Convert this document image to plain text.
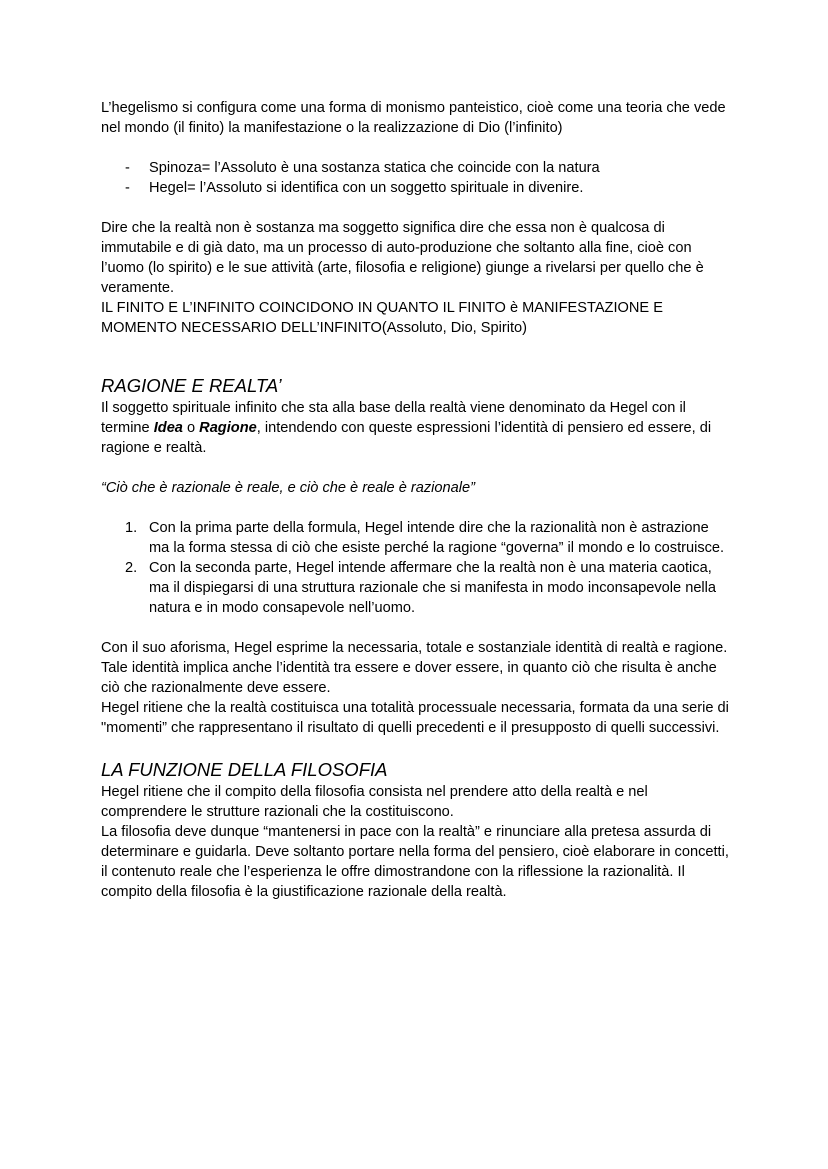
L’hegelismo si configura come una forma di monismo panteistico, cioè come una teoria che vede nel mondo (il finito) la manifestazione o la realizzazione di Dio (l’infinito)

- Spinoza= l’Assoluto è una sostanza statica che coincide con la natura
- Hegel= l’Assoluto si identifica con un soggetto spirituale in divenire.

Dire che la realtà non è sostanza ma soggetto significa dire che essa non è qualcosa di immutabile e di già dato, ma un processo di auto-produzione che soltanto alla fine, cioè con l’uomo (lo spirito) e le sue attività (arte, filosofia e religione) giunge a rivelarsi per quello che è veramente.

IL FINITO E L’INFINITO COINCIDONO IN QUANTO IL FINITO è MANIFESTAZIONE E MOMENTO NECESSARIO DELL’INFINITO(Assoluto, Dio, Spirito)

RAGIONE E REALTA’

Il soggetto spirituale infinito che sta alla base della realtà viene denominato da Hegel con il termine Idea o Ragione, intendendo con queste espressioni l’identità di pensiero ed essere, di ragione e realtà.

“Ciò che è razionale è reale, e ciò che è reale è razionale”

1. Con la prima parte della formula, Hegel intende dire che la razionalità non è astrazione ma la forma stessa di ciò che esiste perché la ragione “governa” il mondo e lo costruisce.
2. Con la seconda parte, Hegel intende affermare che la realtà non è una materia caotica, ma il dispiegarsi di una struttura razionale che si manifesta in modo inconsapevole nella natura e in modo consapevole nell’uomo.

Con il suo aforisma, Hegel esprime la necessaria, totale e sostanziale identità di realtà e ragione. Tale identità implica anche l’identità tra essere e dover essere, in quanto ciò che risulta è anche ciò che razionalmente deve essere.

Hegel ritiene che la realtà costituisca una totalità processuale necessaria, formata da una serie di "momenti” che rappresentano il risultato di quelli precedenti e il presupposto di quelli successivi.

LA FUNZIONE DELLA FILOSOFIA

Hegel ritiene che il compito della filosofia consista nel prendere atto della realtà e nel comprendere le strutture razionali che la costituiscono.

La filosofia deve dunque “mantenersi in pace con la realtà” e rinunciare alla pretesa assurda di determinare e guidarla. Deve soltanto portare nella forma del pensiero, cioè elaborare in concetti, il contenuto reale che l’esperienza le offre dimostrandone con la riflessione la razionalità. Il compito della filosofia è la giustificazione razionale della realtà.
